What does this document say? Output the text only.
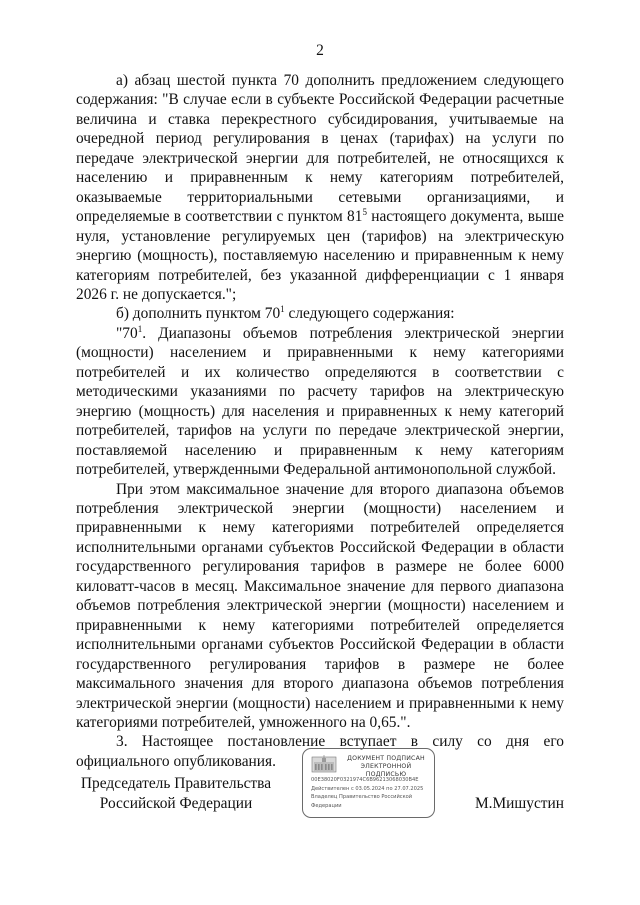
2

а) абзац шестой пункта 70 дополнить предложением следующего содержания: "В случае если в субъекте Российской Федерации расчетные величина и ставка перекрестного субсидирования, учитываемые на очередной период регулирования в ценах (тарифах) на услуги по передаче электрической энергии для потребителей, не относящихся к населению и приравненным к нему категориям потребителей, оказываемые территориальными сетевыми организациями, и определяемые в соответствии с пунктом $81^5$ настоящего документа, выше нуля, установление регулируемых цен (тарифов) на электрическую энергию (мощность), поставляемую населению и приравненным к нему категориям потребителей, без указанной дифференциации с 1 января 2026 г. не допускается.";

б) дополнить пунктом $70^1$ следующего содержания:

"$70^1$. Диапазоны объемов потребления электрической энергии (мощности) населением и приравненными к нему категориями потребителей и их количество определяются в соответствии с методическими указаниями по расчету тарифов на электрическую энергию (мощность) для населения и приравненных к нему категорий потребителей, тарифов на услуги по передаче электрической энергии, поставляемой населению и приравненным к нему категориям потребителей, утвержденными Федеральной антимонопольной службой.

При этом максимальное значение для второго диапазона объемов потребления электрической энергии (мощности) населением и приравненными к нему категориями потребителей определяется исполнительными органами субъектов Российской Федерации в области государственного регулирования тарифов в размере не более 6000 киловатт-часов в месяц. Максимальное значение для первого диапазона объемов потребления электрической энергии (мощности) населением и приравненными к нему категориями потребителей определяется исполнительными органами субъектов Российской Федерации в области государственного регулирования тарифов в размере не более максимального значения для второго диапазона объемов потребления электрической энергии (мощности) населением и приравненными к нему категориями потребителей, умноженного на 0,65.".

3. Настоящее постановление вступает в силу со дня его официального опубликования.

Председатель Правительства
Российской Федерации
ДОКУМЕНТ ПОДПИСАН
ЭЛЕКТРОННОЙ ПОДПИСЬЮ
00E38020F0321974C6B96213068030B4E
Действителен с 03.05.2024 по 27.07.2025
Владелец Правительство Российской
Федерации	М.Мишустин
